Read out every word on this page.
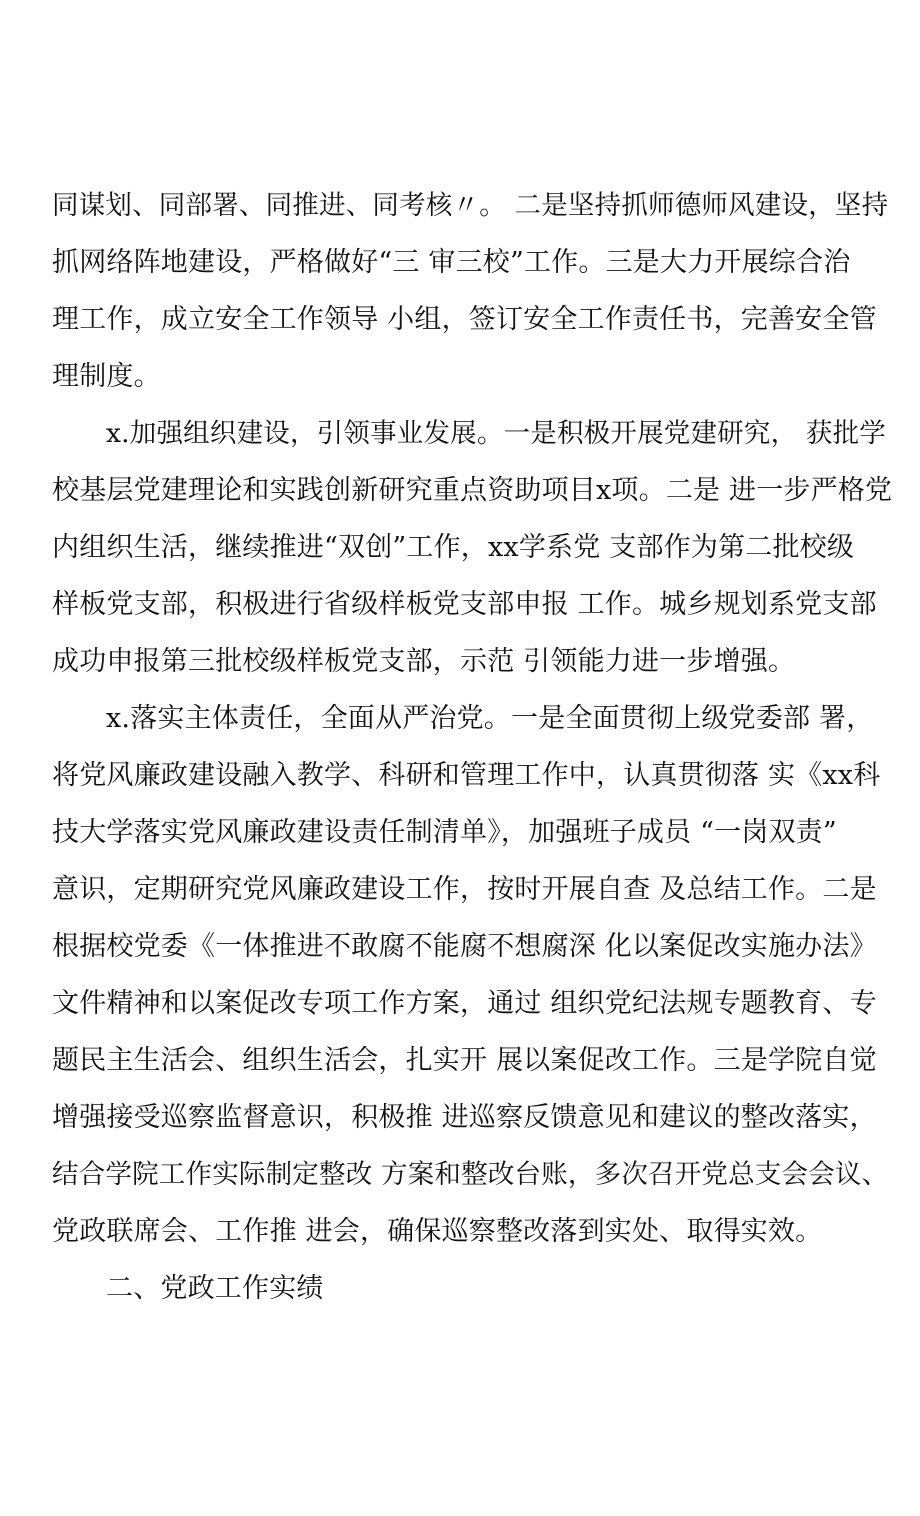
同谋划、同部署、同推进、同考核〃。 二是坚持抓师德师风建设，坚持
抓网络阵地建设，严格做好“三 审三校”工作。三是大力开展综合治
理工作，成立安全工作领导 小组，签订安全工作责任书，完善安全管
理制度。
x.加强组织建设，引领事业发展。一是积极开展党建研究， 获批学
校基层党建理论和实践创新研究重点资助项目x项。二是 进一步严格党
内组织生活，继续推进“双创”工作，xx学系党 支部作为第二批校级
样板党支部，积极进行省级样板党支部申报 工作。城乡规划系党支部
成功申报第三批校级样板党支部，示范 引领能力进一步增强。
x.落实主体责任，全面从严治党。一是全面贯彻上级党委部 署，
将党风廉政建设融入教学、科研和管理工作中，认真贯彻落 实《xx科
技大学落实党风廉政建设责任制清单》，加强班子成员 “一岗双责”
意识，定期研究党风廉政建设工作，按时开展自查 及总结工作。二是
根据校党委《一体推进不敢腐不能腐不想腐深 化以案促改实施办法》
文件精神和以案促改专项工作方案，通过 组织党纪法规专题教育、专
题民主生活会、组织生活会，扎实开 展以案促改工作。三是学院自觉
增强接受巡察监督意识，积极推 进巡察反馈意见和建议的整改落实，
结合学院工作实际制定整改 方案和整改台账，多次召开党总支会会议、
党政联席会、工作推 进会，确保巡察整改落到实处、取得实效。
二、党政工作实绩
